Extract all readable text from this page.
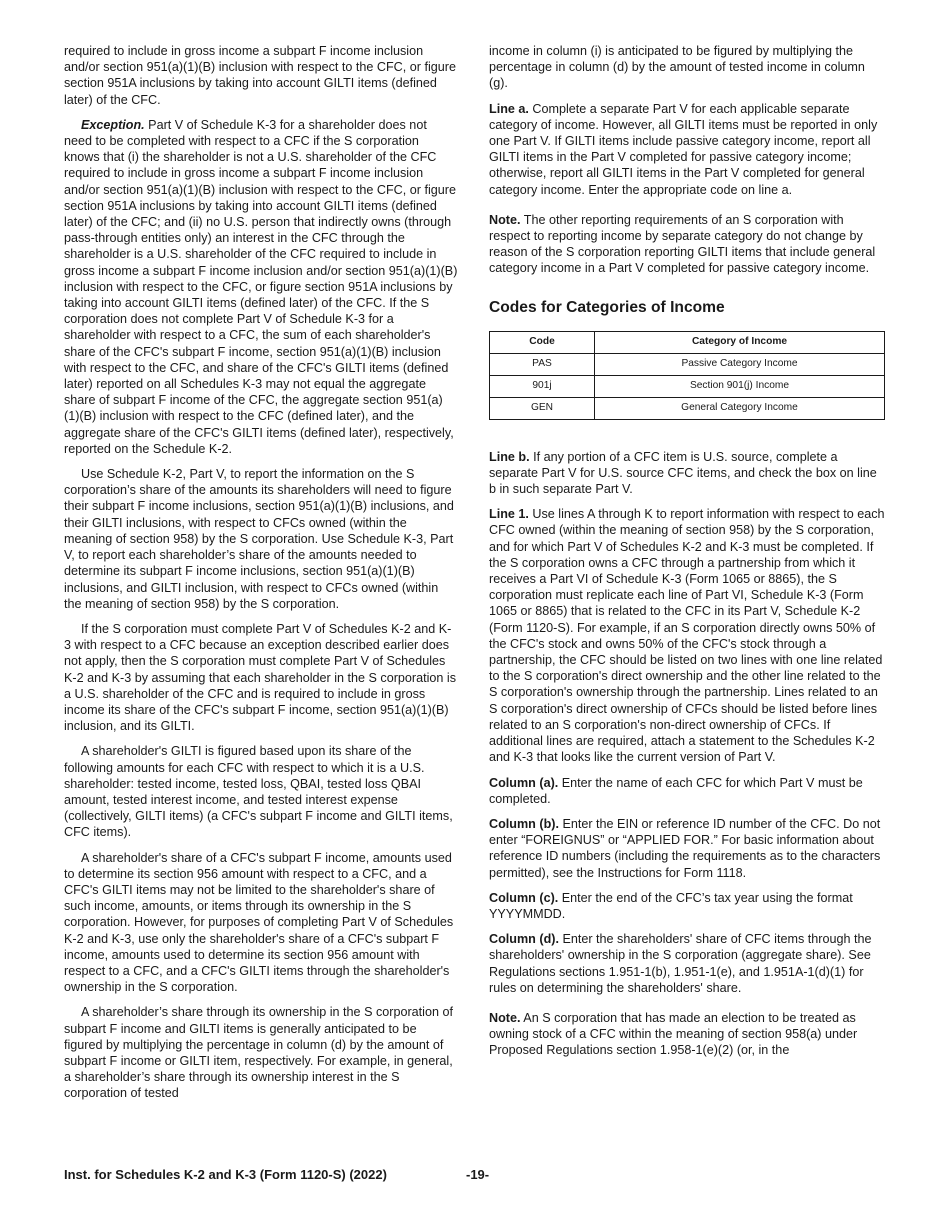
required to include in gross income a subpart F income inclusion and/or section 951(a)(1)(B) inclusion with respect to the CFC, or figure section 951A inclusions by taking into account GILTI items (defined later) of the CFC.

Exception. Part V of Schedule K-3 for a shareholder does not need to be completed with respect to a CFC if the S corporation knows that (i) the shareholder is not a U.S. shareholder of the CFC required to include in gross income a subpart F income inclusion and/or section 951(a)(1)(B) inclusion with respect to the CFC, or figure section 951A inclusions by taking into account GILTI items (defined later) of the CFC; and (ii) no U.S. person that indirectly owns (through pass-through entities only) an interest in the CFC through the shareholder is a U.S. shareholder of the CFC required to include in gross income a subpart F income inclusion and/or section 951(a)(1)(B) inclusion with respect to the CFC, or figure section 951A inclusions by taking into account GILTI items (defined later) of the CFC. If the S corporation does not complete Part V of Schedule K-3 for a shareholder with respect to a CFC, the sum of each shareholder's share of the CFC's subpart F income, section 951(a)(1)(B) inclusion with respect to the CFC, and share of the CFC's GILTI items (defined later) reported on all Schedules K-3 may not equal the aggregate share of subpart F income of the CFC, the aggregate section 951(a)(1)(B) inclusion with respect to the CFC (defined later), and the aggregate share of the CFC's GILTI items (defined later), respectively, reported on the Schedule K-2.

Use Schedule K-2, Part V, to report the information on the S corporation’s share of the amounts its shareholders will need to figure their subpart F income inclusions, section 951(a)(1)(B) inclusions, and their GILTI inclusions, with respect to CFCs owned (within the meaning of section 958) by the S corporation. Use Schedule K-3, Part V, to report each shareholder’s share of the amounts needed to determine its subpart F income inclusions, section 951(a)(1)(B) inclusions, and GILTI inclusion, with respect to CFCs owned (within the meaning of section 958) by the S corporation.

If the S corporation must complete Part V of Schedules K-2 and K-3 with respect to a CFC because an exception described earlier does not apply, then the S corporation must complete Part V of Schedules K-2 and K-3 by assuming that each shareholder in the S corporation is a U.S. shareholder of the CFC and is required to include in gross income its share of the CFC's subpart F income, section 951(a)(1)(B) inclusion, and its GILTI.

A shareholder's GILTI is figured based upon its share of the following amounts for each CFC with respect to which it is a U.S. shareholder: tested income, tested loss, QBAI, tested loss QBAI amount, tested interest income, and tested interest expense (collectively, GILTI items) (a CFC's subpart F income and GILTI items, CFC items).

A shareholder's share of a CFC's subpart F income, amounts used to determine its section 956 amount with respect to a CFC, and a CFC's GILTI items may not be limited to the shareholder's share of such income, amounts, or items through its ownership in the S corporation. However, for purposes of completing Part V of Schedules K-2 and K-3, use only the shareholder's share of a CFC's subpart F income, amounts used to determine its section 956 amount with respect to a CFC, and a CFC's GILTI items through the shareholder's ownership in the S corporation.

A shareholder’s share through its ownership in the S corporation of subpart F income and GILTI items is generally anticipated to be figured by multiplying the percentage in column (d) by the amount of subpart F income or GILTI item, respectively. For example, in general, a shareholder’s share through its ownership interest in the S corporation of tested

income in column (i) is anticipated to be figured by multiplying the percentage in column (d) by the amount of tested income in column (g).

Line a. Complete a separate Part V for each applicable separate category of income. However, all GILTI items must be reported in only one Part V. If GILTI items include passive category income, report all GILTI items in the Part V completed for passive category income; otherwise, report all GILTI items in the Part V completed for general category income. Enter the appropriate code on line a.

Note. The other reporting requirements of an S corporation with respect to reporting income by separate category do not change by reason of the S corporation reporting GILTI items that include general category income in a Part V completed for passive category income.

Codes for Categories of Income
Code	Category of Income
PAS	Passive Category Income
901j	Section 901(j) Income
GEN	General Category Income

Line b. If any portion of a CFC item is U.S. source, complete a separate Part V for U.S. source CFC items, and check the box on line b in such separate Part V.

Line 1. Use lines A through K to report information with respect to each CFC owned (within the meaning of section 958) by the S corporation, and for which Part V of Schedules K-2 and K-3 must be completed. If the S corporation owns a CFC through a partnership from which it receives a Part VI of Schedule K-3 (Form 1065 or 8865), the S corporation must replicate each line of Part VI, Schedule K-3 (Form 1065 or 8865) that is related to the CFC in its Part V, Schedule K-2 (Form 1120-S). For example, if an S corporation directly owns 50% of the CFC's stock and owns 50% of the CFC's stock through a partnership, the CFC should be listed on two lines with one line related to the S corporation's direct ownership and the other line related to the S corporation's ownership through the partnership. Lines related to an S corporation's direct ownership of CFCs should be listed before lines related to an S corporation's non-direct ownership of CFCs. If additional lines are required, attach a statement to the Schedules K-2 and K-3 that looks like the current version of Part V.

Column (a). Enter the name of each CFC for which Part V must be completed.

Column (b). Enter the EIN or reference ID number of the CFC. Do not enter “FOREIGNUS” or “APPLIED FOR.” For basic information about reference ID numbers (including the requirements as to the characters permitted), see the Instructions for Form 1118.

Column (c). Enter the end of the CFC’s tax year using the format YYYYMMDD.

Column (d). Enter the shareholders' share of CFC items through the shareholders' ownership in the S corporation (aggregate share). See Regulations sections 1.951-1(b), 1.951-1(e), and 1.951A-1(d)(1) for rules on determining the shareholders' share.

Note. An S corporation that has made an election to be treated as owning stock of a CFC within the meaning of section 958(a) under Proposed Regulations section 1.958-1(e)(2) (or, in the

Inst. for Schedules K-2 and K-3 (Form 1120-S) (2022)	-19-
